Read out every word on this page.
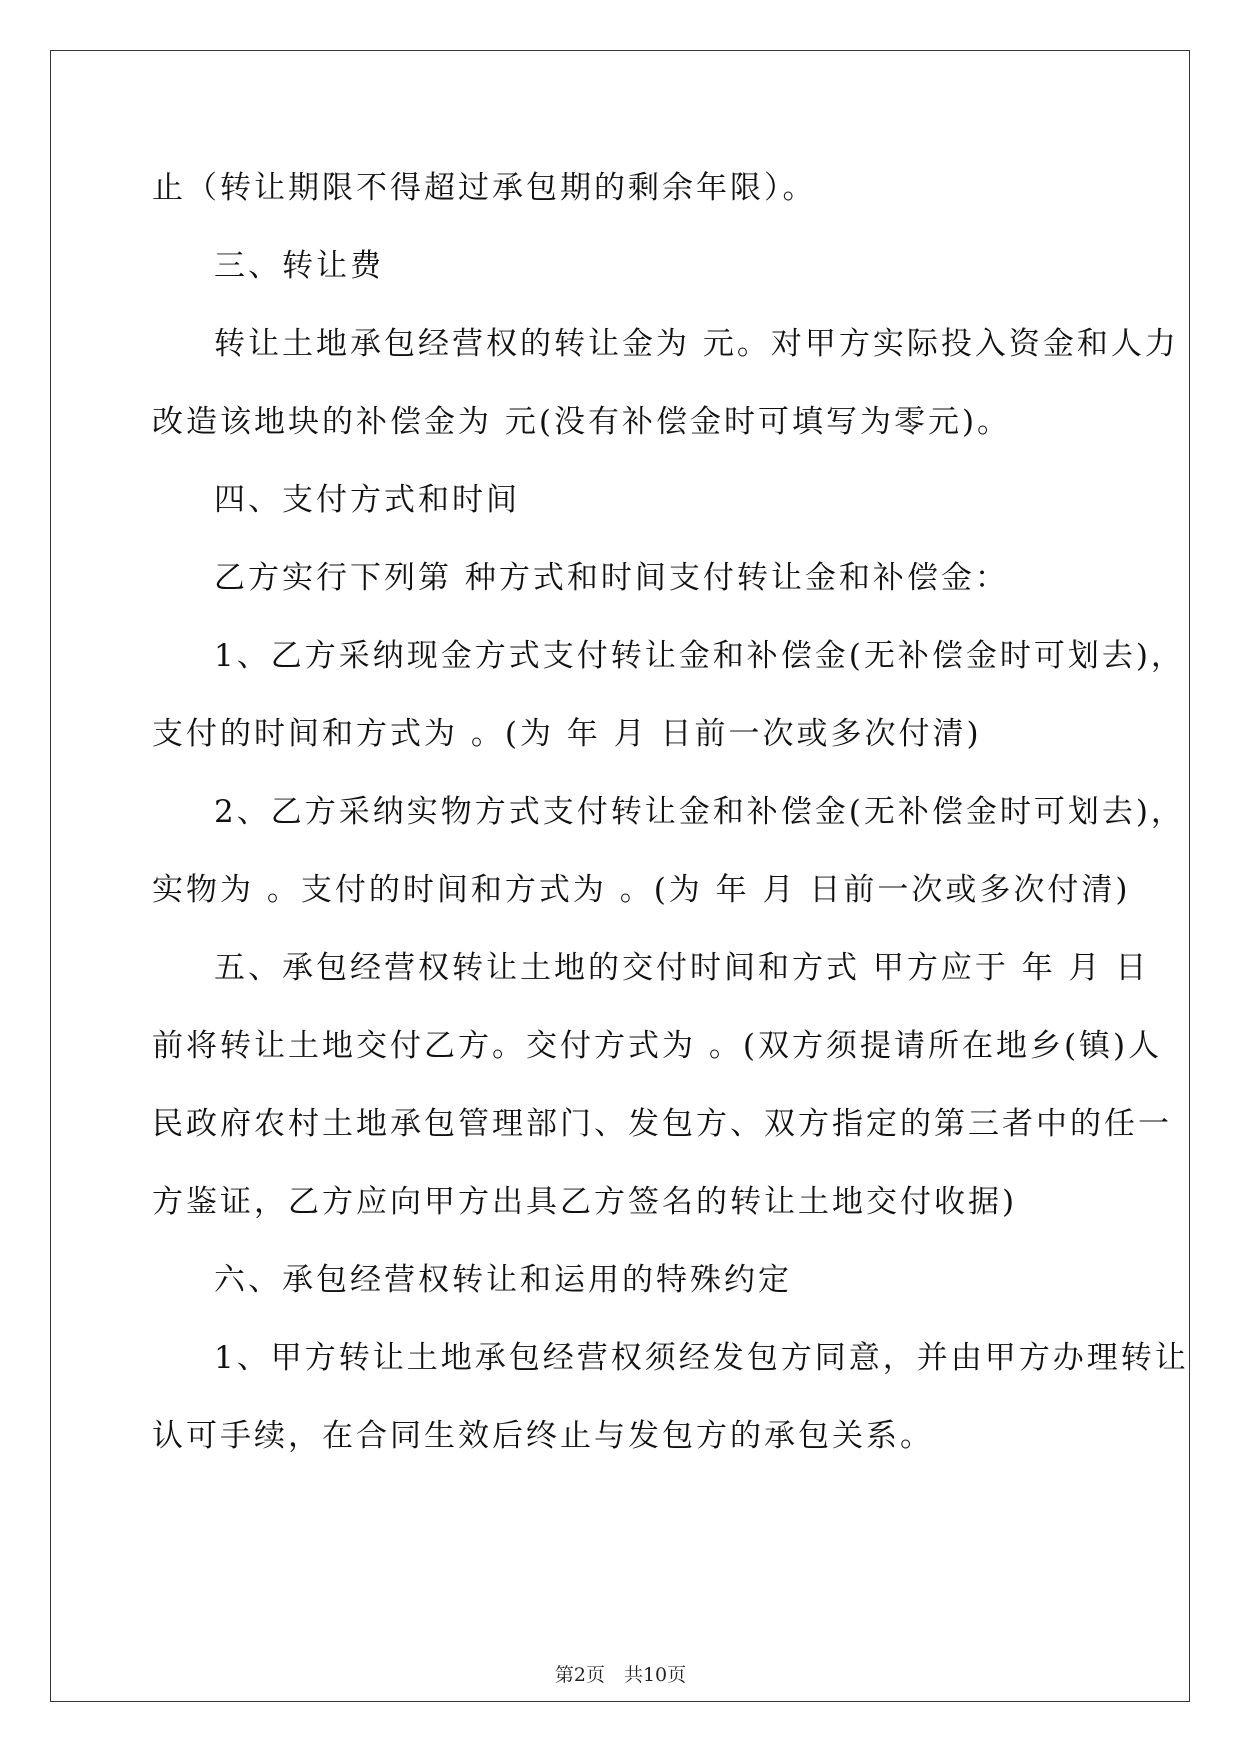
止（转让期限不得超过承包期的剩余年限）。
三、转让费
转让土地承包经营权的转让金为 元。对甲方实际投入资金和人力
改造该地块的补偿金为 元(没有补偿金时可填写为零元)。
四、支付方式和时间
乙方实行下列第 种方式和时间支付转让金和补偿金：
1、乙方采纳现金方式支付转让金和补偿金(无补偿金时可划去)，
支付的时间和方式为 。(为 年 月 日前一次或多次付清)
2、乙方采纳实物方式支付转让金和补偿金(无补偿金时可划去)，
实物为 。支付的时间和方式为 。(为 年 月 日前一次或多次付清)
五、承包经营权转让土地的交付时间和方式 甲方应于 年 月 日
前将转让土地交付乙方。交付方式为 。(双方须提请所在地乡(镇)人
民政府农村土地承包管理部门、发包方、双方指定的第三者中的任一
方鉴证，乙方应向甲方出具乙方签名的转让土地交付收据)
六、承包经营权转让和运用的特殊约定
1、甲方转让土地承包经营权须经发包方同意，并由甲方办理转让
认可手续，在合同生效后终止与发包方的承包关系。
第2页　共10页
